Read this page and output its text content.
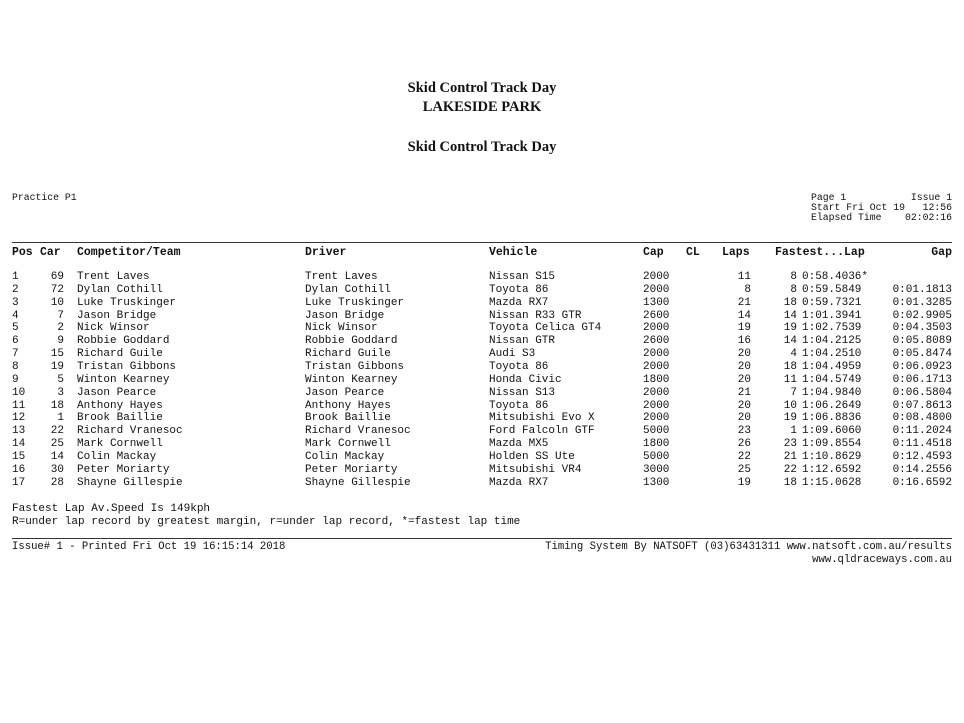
Skid Control Track Day
LAKESIDE PARK
Skid Control Track Day
Practice P1	Page 1	Issue 1
Start Fri Oct 19	12:56
Elapsed Time	02:02:16
Pos Car Competitor/Team	Driver	Vehicle	Cap CL Laps Fastest...Lap	Gap
1	69 Trent Laves	Trent Laves	Nissan S15	2000	11	8 0:58.4036*
2	72 Dylan Cothill	Dylan Cothill	Toyota 86	2000	8	8 0:59.5849	0:01.1813
3	10 Luke Truskinger	Luke Truskinger	Mazda RX7	1300	21	18 0:59.7321	0:01.3285
4	7 Jason Bridge	Jason Bridge	Nissan R33 GTR	2600	14	14 1:01.3941	0:02.9905
5	2 Nick Winsor	Nick Winsor	Toyota Celica GT4	2000	19	19 1:02.7539	0:04.3503
6	9 Robbie Goddard	Robbie Goddard	Nissan GTR	2600	16	14 1:04.2125	0:05.8089
7	15 Richard Guile	Richard Guile	Audi S3	2000	20	4 1:04.2510	0:05.8474
8	19 Tristan Gibbons	Tristan Gibbons	Toyota 86	2000	20	18 1:04.4959	0:06.0923
9	5 Winton Kearney	Winton Kearney	Honda Civic	1800	20	11 1:04.5749	0:06.1713
10	3 Jason Pearce	Jason Pearce	Nissan S13	2000	21	7 1:04.9840	0:06.5804
11	18 Anthony Hayes	Anthony Hayes	Toyota 86	2000	20	10 1:06.2649	0:07.8613
12	1 Brook Baillie	Brook Baillie	Mitsubishi Evo X	2000	20	19 1:06.8836	0:08.4800
13	22 Richard Vranesoc	Richard Vranesoc	Ford Falcoln GTF	5000	23	1 1:09.6060	0:11.2024
14	25 Mark Cornwell	Mark Cornwell	Mazda MX5	1800	26	23 1:09.8554	0:11.4518
15	14 Colin Mackay	Colin Mackay	Holden SS Ute	5000	22	21 1:10.8629	0:12.4593
16	30 Peter Moriarty	Peter Moriarty	Mitsubishi VR4	3000	25	22 1:12.6592	0:14.2556
17	28 Shayne Gillespie	Shayne Gillespie	Mazda RX7	1300	19	18 1:15.0628	0:16.6592
Fastest Lap Av.Speed Is 149kph
R=under lap record by greatest margin, r=under lap record, *=fastest lap time
Issue# 1 - Printed Fri Oct 19 16:15:14 2018	Timing System By NATSOFT (03)63431311 www.natsoft.com.au/results
www.qldraceways.com.au
